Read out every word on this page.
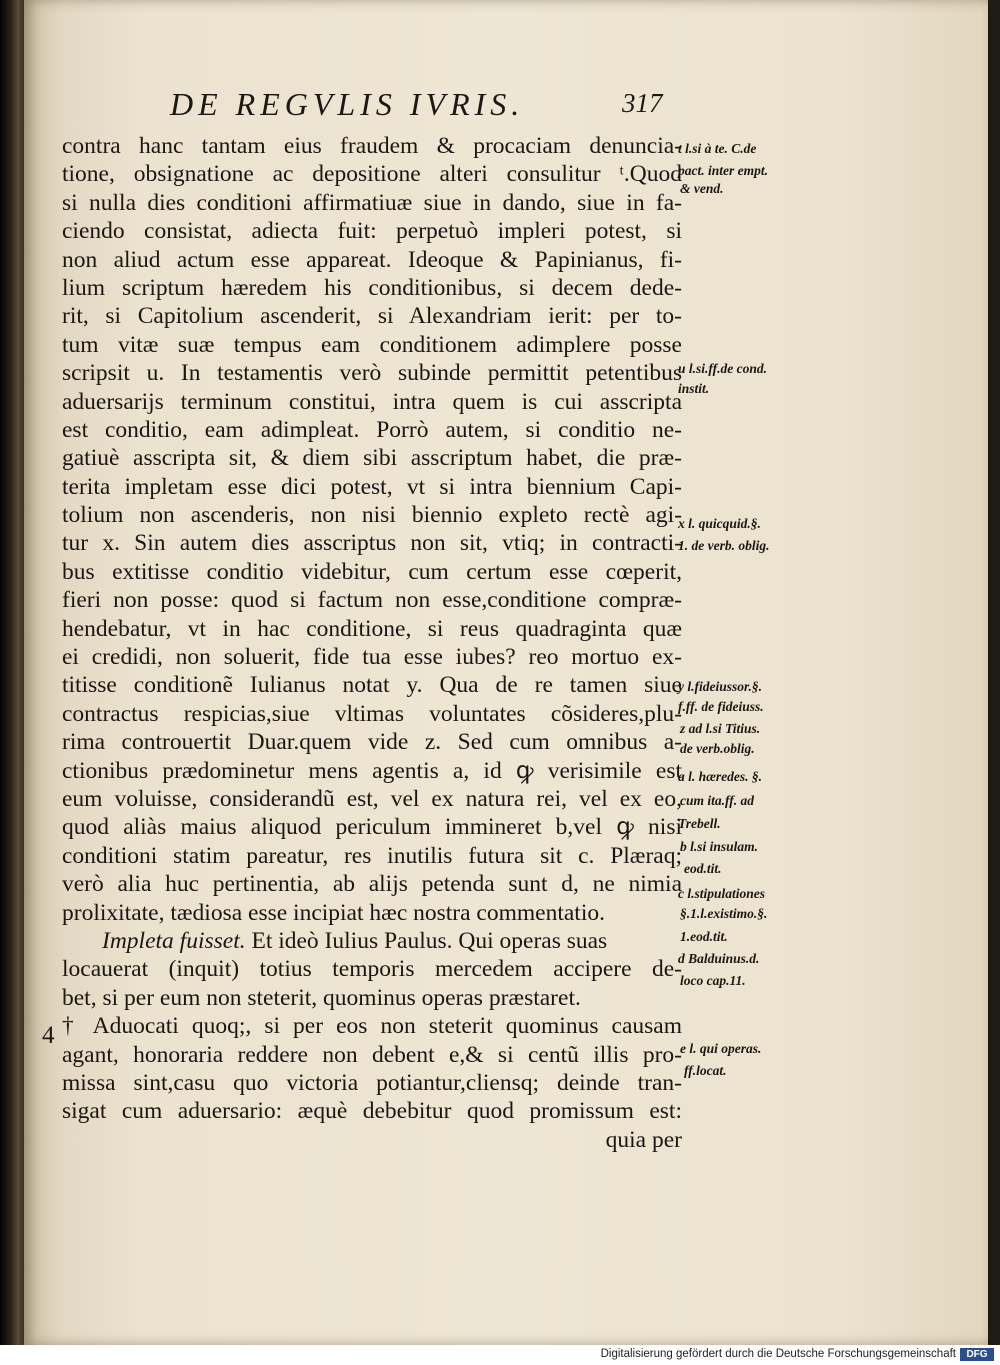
DE REGVLIS IVRIS.	317
4
contra hanc tantam eius fraudem & procaciam denuncia-
tione, obsignatione ac depositione alteri consulitur ᵗ.Quod
si nulla dies conditioni affirmatiuæ siue in dando, siue in fa-
ciendo consistat, adiecta fuit: perpetuò impleri potest, si
non aliud actum esse appareat. Ideoque & Papinianus, fi-
lium scriptum hæredem his conditionibus, si decem dede-
rit, si Capitolium ascenderit, si Alexandriam ierit: per to-
tum vitæ suæ tempus eam conditionem adimplere posse
scripsit u. In testamentis verò subinde permittit petentibus
aduersarijs terminum constitui, intra quem is cui asscripta
est conditio, eam adimpleat. Porrò autem, si conditio ne-
gatiuè asscripta sit, & diem sibi asscriptum habet, die præ-
terita impletam esse dici potest, vt si intra biennium Capi-
tolium non ascenderis, non nisi biennio expleto rectè agi-
tur x. Sin autem dies asscriptus non sit, vtiq; in contracti-
bus extitisse conditio videbitur, cum certum esse cœperit,
fieri non posse: quod si factum non esse,conditione compræ-
hendebatur, vt in hac conditione, si reus quadraginta quæ
ei credidi, non soluerit, fide tua esse iubes? reo mortuo ex-
titisse conditionẽ Iulianus notat y. Qua de re tamen siue
contractus respicias,siue vltimas voluntates cõsideres,plu-
rima controuertit Duar.quem vide z. Sed cum omnibus a-
ctionibus prædominetur mens agentis a, id ꝙ verisimile est
eum voluisse, considerandũ est, vel ex natura rei, vel ex eo,
quod aliàs maius aliquod periculum immineret b,vel ꝙ nisi
conditioni statim pareatur, res inutilis futura sit c. Plæraq;
verò alia huc pertinentia, ab alijs petenda sunt d, ne nimia
prolixitate, tædiosa esse incipiat hæc nostra commentatio.
Impleta fuisset. Et ideò Iulius Paulus. Qui operas suas
locauerat (inquit) totius temporis mercedem accipere de-
bet, si per eum non steterit, quominus operas præstaret.
† Aduocati quoq;, si per eos non steterit quominus causam
agant, honoraria reddere non debent e,& si centũ illis pro-
missa sint,casu quo victoria potiantur,cliensq; deinde tran-
sigat cum aduersario: æquè debebitur quod promissum est:
quia per
t l.si à te. C.de
pact. inter empt.
& vend.
u l.si.ff.de cond.
instit.
x l. quicquid.§.
1. de verb. oblig.
y l.fideiussor.§.
f.ff. de fideiuss.
z ad l.si Titius.
de verb.oblig.
a l. hæredes. §.
cum ita.ff. ad
Trebell.
b l.si insulam.
eod.tit.
c l.stipulationes
§.1.l.existimo.§.
1.eod.tit.
d Balduinus.d.
loco cap.11.
e l. qui operas.
ff.locat.
Digitalisierung gefördert durch die Deutsche Forschungsgemeinschaft	DFG
